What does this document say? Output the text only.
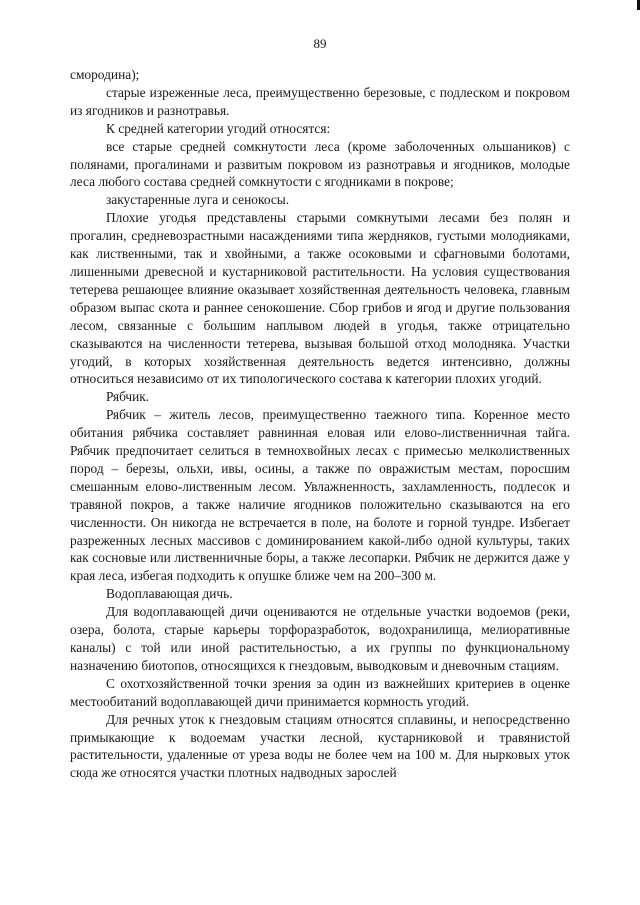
89

смородина);

старые изреженные леса, преимущественно березовые, с подлеском и покровом из ягодников и разнотравья.

К средней категории угодий относятся:

все старые средней сомкнутости леса (кроме заболоченных ольшаников) с полянами, прогалинами и развитым покровом из разнотравья и ягодников, молодые леса любого состава средней сомкнутости с ягодниками в покрове;

закустаренные луга и сенокосы.

Плохие угодья представлены старыми сомкнутыми лесами без полян и прогалин, средневозрастными насаждениями типа жердняков, густыми молодняками, как лиственными, так и хвойными, а также осоковыми и сфагновыми болотами, лишенными древесной и кустарниковой растительности. На условия существования тетерева решающее влияние оказывает хозяйственная деятельность человека, главным образом выпас скота и раннее сенокошение. Сбор грибов и ягод и другие пользования лесом, связанные с большим наплывом людей в угодья, также отрицательно сказываются на численности тетерева, вызывая большой отход молодняка. Участки угодий, в которых хозяйственная деятельность ведется интенсивно, должны относиться независимо от их типологического состава к категории плохих угодий.

Рябчик.

Рябчик – житель лесов, преимущественно таежного типа. Коренное место обитания рябчика составляет равнинная еловая или елово-лиственничная тайга. Рябчик предпочитает селиться в темнохвойных лесах с примесью мелколиственных пород – березы, ольхи, ивы, осины, а также по овражистым местам, поросшим смешанным елово-лиственным лесом. Увлажненность, захламленность, подлесок и травяной покров, а также наличие ягодников положительно сказываются на его численности. Он никогда не встречается в поле, на болоте и горной тундре. Избегает разреженных лесных массивов с доминированием какой-либо одной культуры, таких как сосновые или лиственничные боры, а также лесопарки. Рябчик не держится даже у края леса, избегая подходить к опушке ближе чем на 200–300 м.

Водоплавающая дичь.

Для водоплавающей дичи оцениваются не отдельные участки водоемов (реки, озера, болота, старые карьеры торфоразработок, водохранилища, мелиоративные каналы) с той или иной растительностью, а их группы по функциональному назначению биотопов, относящихся к гнездовым, выводковым и дневочным стациям.

С охотхозяйственной точки зрения за один из важнейших критериев в оценке местообитаний водоплавающей дичи принимается кормность угодий.

Для речных уток к гнездовым стациям относятся сплавины, и непосредственно примыкающие к водоемам участки лесной, кустарниковой и травянистой растительности, удаленные от уреза воды не более чем на 100 м. Для нырковых уток сюда же относятся участки плотных надводных зарослей
